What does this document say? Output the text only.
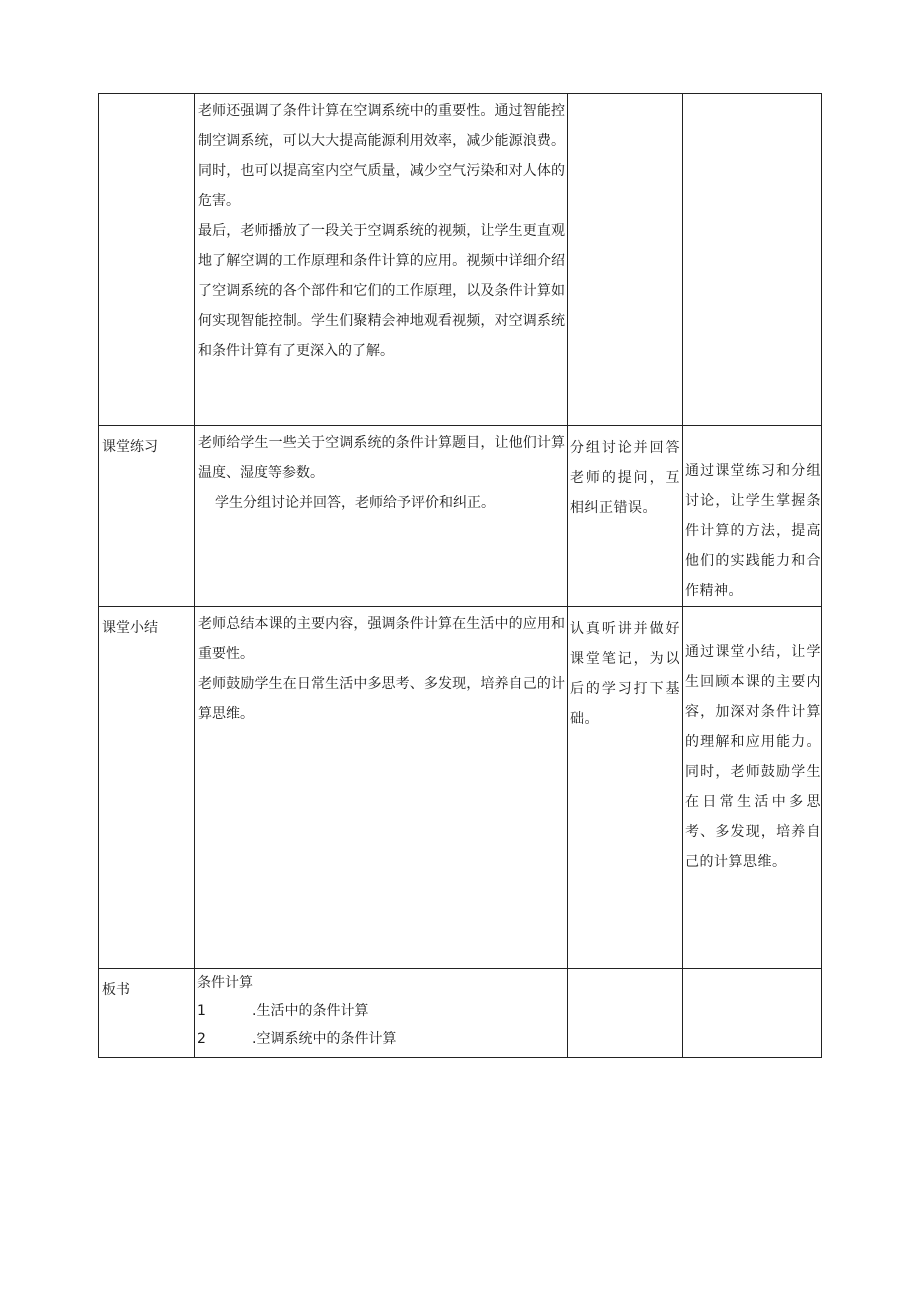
	老师还强调了条件计算在空调系统中的重要性。通过智能控制空调系统，可以大大提高能源利用效率，减少能源浪费。同时，也可以提高室内空气质量，减少空气污染和对人体的危害。
最后，老师播放了一段关于空调系统的视频，让学生更直观地了解空调的工作原理和条件计算的应用。视频中详细介绍了空调系统的各个部件和它们的工作原理，以及条件计算如何实现智能控制。学生们聚精会神地观看视频，对空调系统和条件计算有了更深入的了解。		

课堂练习	老师给学生一些关于空调系统的条件计算题目，让他们计算温度、湿度等参数。
学生分组讨论并回答，老师给予评价和纠正。	分组讨论并回答老师的提问，互相纠正错误。	通过课堂练习和分组讨论，让学生掌握条件计算的方法，提高他们的实践能力和合作精神。

课堂小结	老师总结本课的主要内容，强调条件计算在生活中的应用和重要性。
老师鼓励学生在日常生活中多思考、多发现，培养自己的计算思维。	认真听讲并做好课堂笔记，为以后的学习打下基础。	通过课堂小结，让学生回顾本课的主要内容，加深对条件计算的理解和应用能力。同时，老师鼓励学生在日常生活中多思考、多发现，培养自己的计算思维。

板书	条件计算
1 .生活中的条件计算
2 .空调系统中的条件计算		
